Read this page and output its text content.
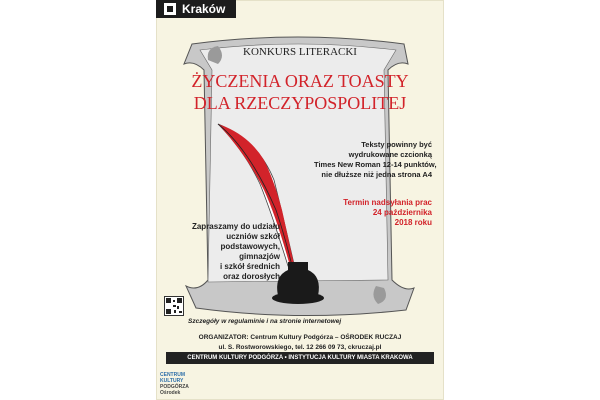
Kraków
KONKURS LITERACKI
ŻYCZENIA ORAZ TOASTY
DLA RZECZYPOSPOLITEJ
Teksty powinny być
wydrukowane czcionką
Times New Roman 12-14 punktów,
nie dłuższe niż jedna strona A4
Termin nadsyłania prac
24 października
2018 roku
Zapraszamy do udziału
uczniów szkół
podstawowych,
gimnazjów
i szkół średnich
oraz dorosłych
Szczegóły w regulaminie i na stronie internetowej
ORGANIZATOR: Centrum Kultury Podgórza – OŚRODEK RUCZAJ
ul. S. Rostworowskiego, tel. 12 266 09 73, ckruczaj.pl
CENTRUM KULTURY PODGÓRZA • INSTYTUCJA KULTURY MIASTA KRAKOWA
CENTRUM
KULTURY
PODGÓRZA
Ośrodek
